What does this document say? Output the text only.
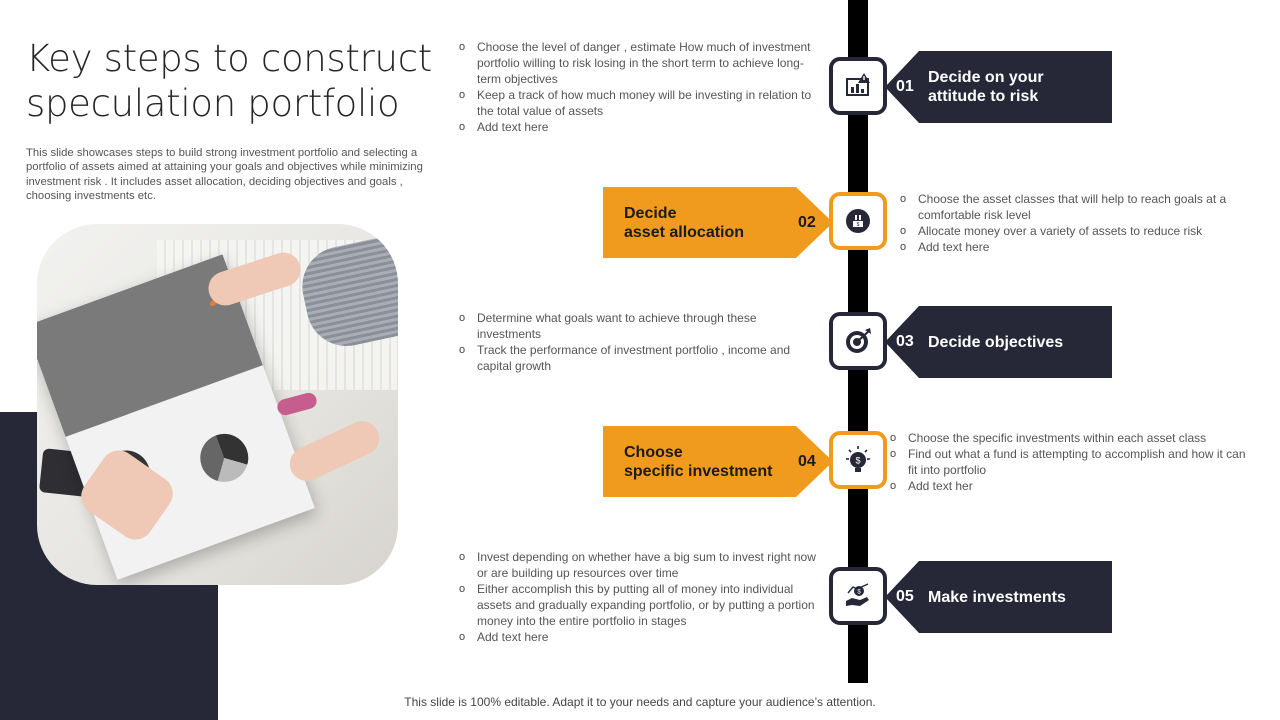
Key steps to construct speculation portfolio
This slide showcases steps to build strong investment portfolio and selecting a portfolio of assets aimed at attaining your goals and objectives while minimizing investment risk . It includes asset allocation, deciding objectives and goals , choosing investments etc.
o Choose the level of danger , estimate How much of investment portfolio willing to risk losing in the short term to achieve long-term objectives
o Keep a track of how much money will be investing in relation to the total value of assets
o Add text here
01
Decide on your
attitude to risk
Decide
asset allocation
02	$
o Choose the asset classes that will help to reach goals at a comfortable risk level
o Allocate money over a variety of assets to reduce risk
o Add text here
o Determine what goals want to achieve through these investments
o Track the performance of investment portfolio , income and capital growth
03 Decide objectives
Choose
specific investment
04	$
o Choose the specific investments within each asset class
o Find out what a fund is attempting to accomplish and how it can fit into portfolio
o Add text her
o Invest depending on whether have a big sum to invest right now or are building up resources over time
o Either accomplish this by putting all of money into individual assets and gradually expanding portfolio, or by putting a portion money into the entire portfolio in stages
o Add text here
$ 05 Make investments
This slide is 100% editable. Adapt it to your needs and capture your audience’s attention.
